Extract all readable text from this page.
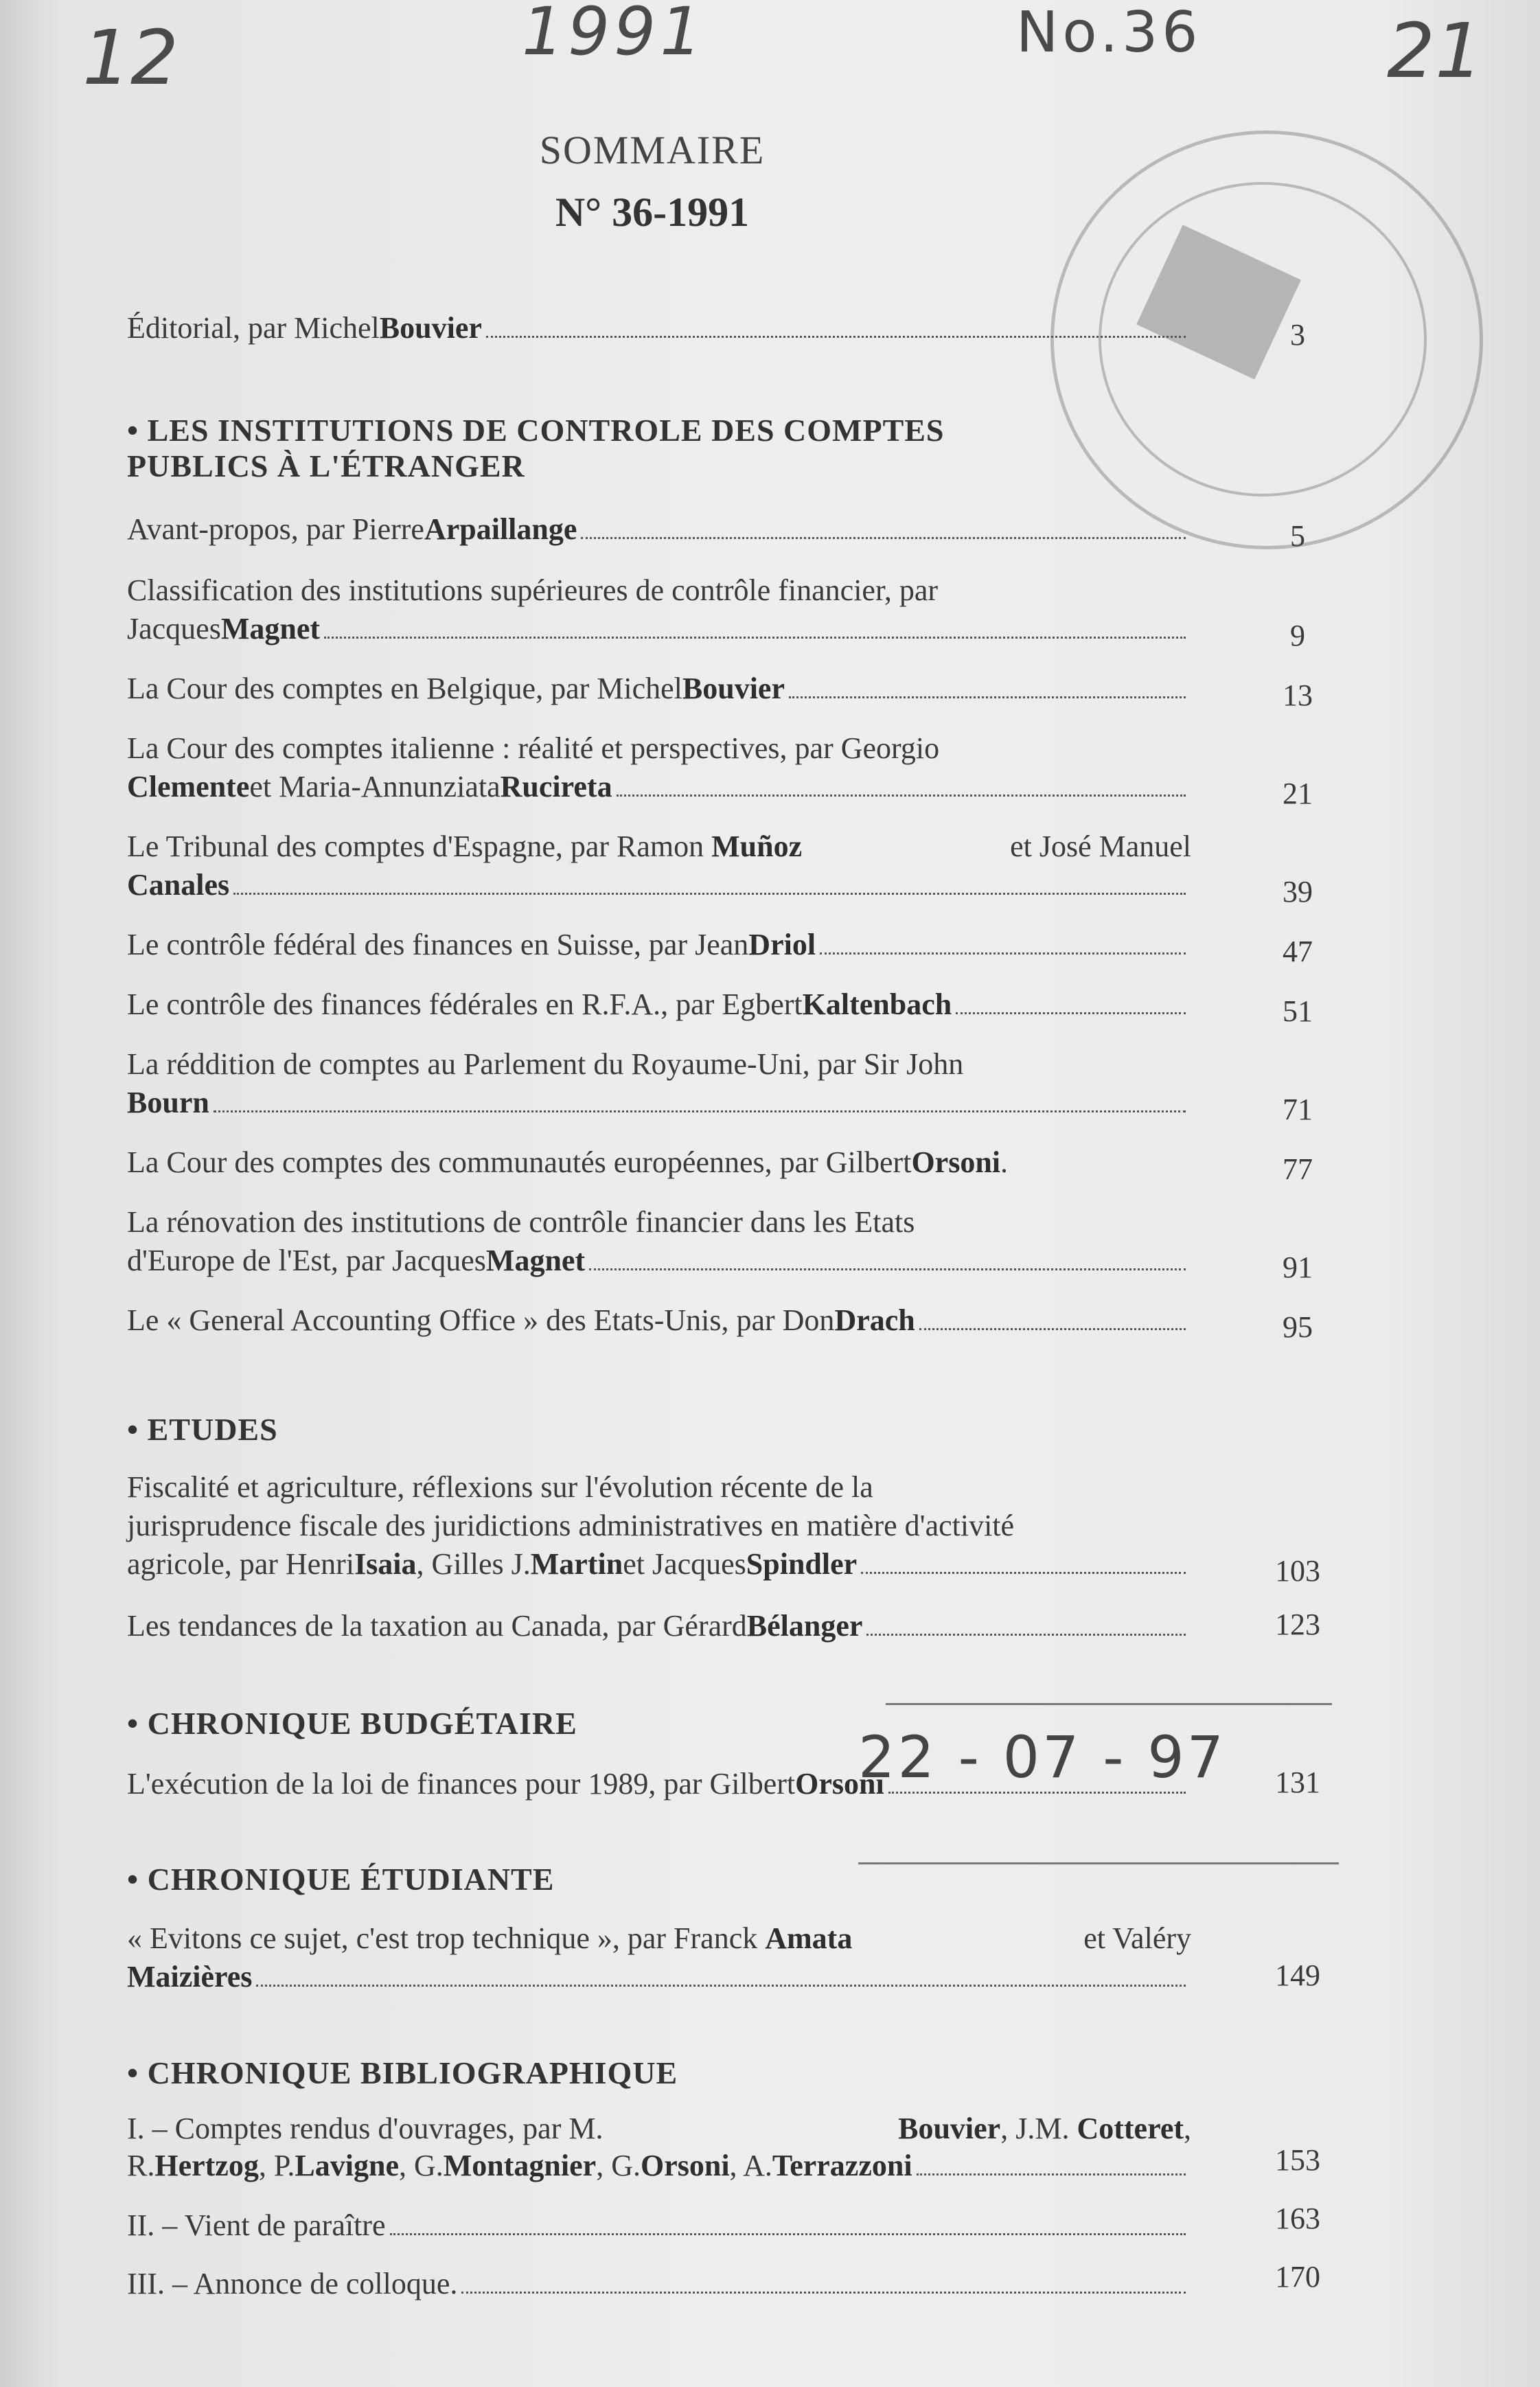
12	1991	No.36 21
SOMMAIRE
N° 36-1991
Éditorial, par Michel Bouvier	3
• LES INSTITUTIONS DE CONTROLE DES COMPTES
PUBLICS À L'ÉTRANGER
Avant-propos, par Pierre Arpaillange	5
Classification des institutions supérieures de contrôle financier, par
Jacques Magnet	9
La Cour des comptes en Belgique, par Michel Bouvier	13
La Cour des comptes italienne : réalité et perspectives, par Georgio
Clemente et Maria-Annunziata Rucireta	21
Le Tribunal des comptes d'Espagne, par Ramon Muñoz	et José Manuel
Canales	39
Le contrôle fédéral des finances en Suisse, par Jean Driol	47
Le contrôle des finances fédérales en R.F.A., par Egbert Kaltenbach	51
La réddition de comptes au Parlement du Royaume-Uni, par Sir John
Bourn	71
La Cour des comptes des communautés européennes, par Gilbert Orsoni .	77
La rénovation des institutions de contrôle financier dans les Etats
d'Europe de l'Est, par Jacques Magnet	91
Le « General Accounting Office » des Etats-Unis, par Don Drach	95
• ETUDES
Fiscalité et agriculture, réflexions sur l'évolution récente de la
jurisprudence fiscale des juridictions administratives en matière d'activité
agricole, par Henri Isaia , Gilles J. Martin et Jacques Spindler	103
Les tendances de la taxation au Canada, par Gérard Bélanger	123
• CHRONIQUE BUDGÉTAIRE
L'exécution de la loi de finances pour 1989, par Gilbert Orsoni	131
22 - 07 - 97
• CHRONIQUE ÉTUDIANTE
« Evitons ce sujet, c'est trop technique », par Franck Amata	et Valéry
Maizières	149
• CHRONIQUE BIBLIOGRAPHIQUE
I. – Comptes rendus d'ouvrages, par M.	Bouvier, J.M. Cotteret,
R. Hertzog , P. Lavigne , G. Montagnier , G. Orsoni , A. Terrazzoni	153
II. – Vient de paraître	163
III. – Annonce de colloque.	170
